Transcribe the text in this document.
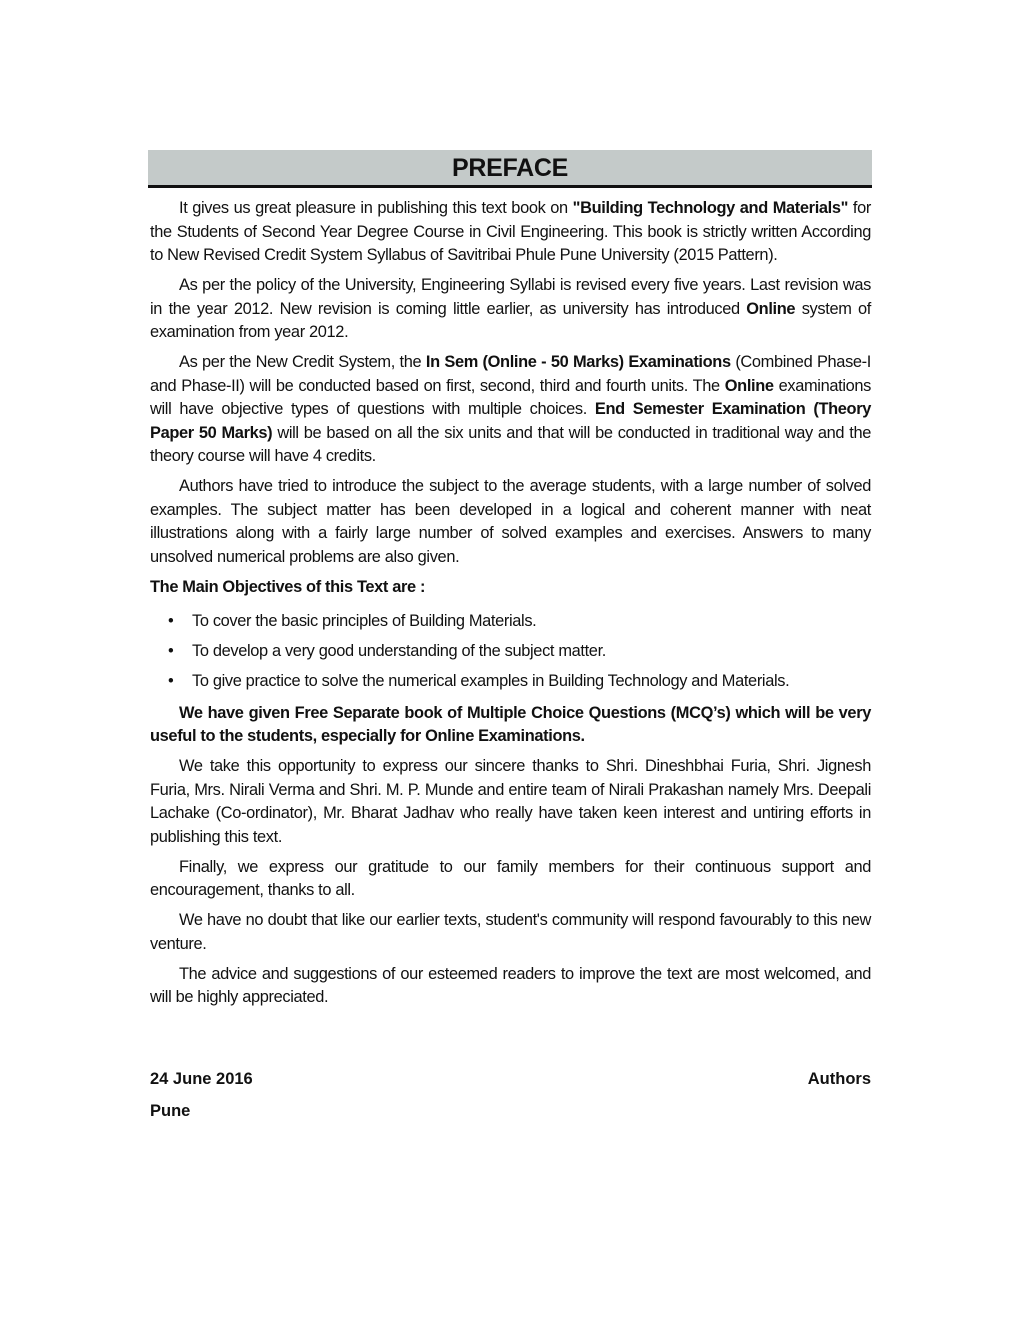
PREFACE

It gives us great pleasure in publishing this text book on "Building Technology and Materials" for the Students of Second Year Degree Course in Civil Engineering. This book is strictly written According to New Revised Credit System Syllabus of Savitribai Phule Pune University (2015 Pattern).

As per the policy of the University, Engineering Syllabi is revised every five years. Last revision was in the year 2012. New revision is coming little earlier, as university has introduced Online system of examination from year 2012.

As per the New Credit System, the In Sem (Online - 50 Marks) Examinations (Combined Phase-I and Phase-II) will be conducted based on first, second, third and fourth units. The Online examinations will have objective types of questions with multiple choices. End Semester Examination (Theory Paper 50 Marks) will be based on all the six units and that will be conducted in traditional way and the theory course will have 4 credits.

Authors have tried to introduce the subject to the average students, with a large number of solved examples. The subject matter has been developed in a logical and coherent manner with neat illustrations along with a fairly large number of solved examples and exercises. Answers to many unsolved numerical problems are also given.

The Main Objectives of this Text are :

• To cover the basic principles of Building Materials.
• To develop a very good understanding of the subject matter.
• To give practice to solve the numerical examples in Building Technology and Materials.

We have given Free Separate book of Multiple Choice Questions (MCQ’s) which will be very useful to the students, especially for Online Examinations.

We take this opportunity to express our sincere thanks to Shri. Dineshbhai Furia, Shri. Jignesh Furia, Mrs. Nirali Verma and Shri. M. P. Munde and entire team of Nirali Prakashan namely Mrs. Deepali Lachake (Co-ordinator), Mr. Bharat Jadhav who really have taken keen interest and untiring efforts in publishing this text.

Finally, we express our gratitude to our family members for their continuous support and encouragement, thanks to all.

We have no doubt that like our earlier texts, student's community will respond favourably to this new venture.

The advice and suggestions of our esteemed readers to improve the text are most welcomed, and will be highly appreciated.

24 June 2016	Authors
Pune
